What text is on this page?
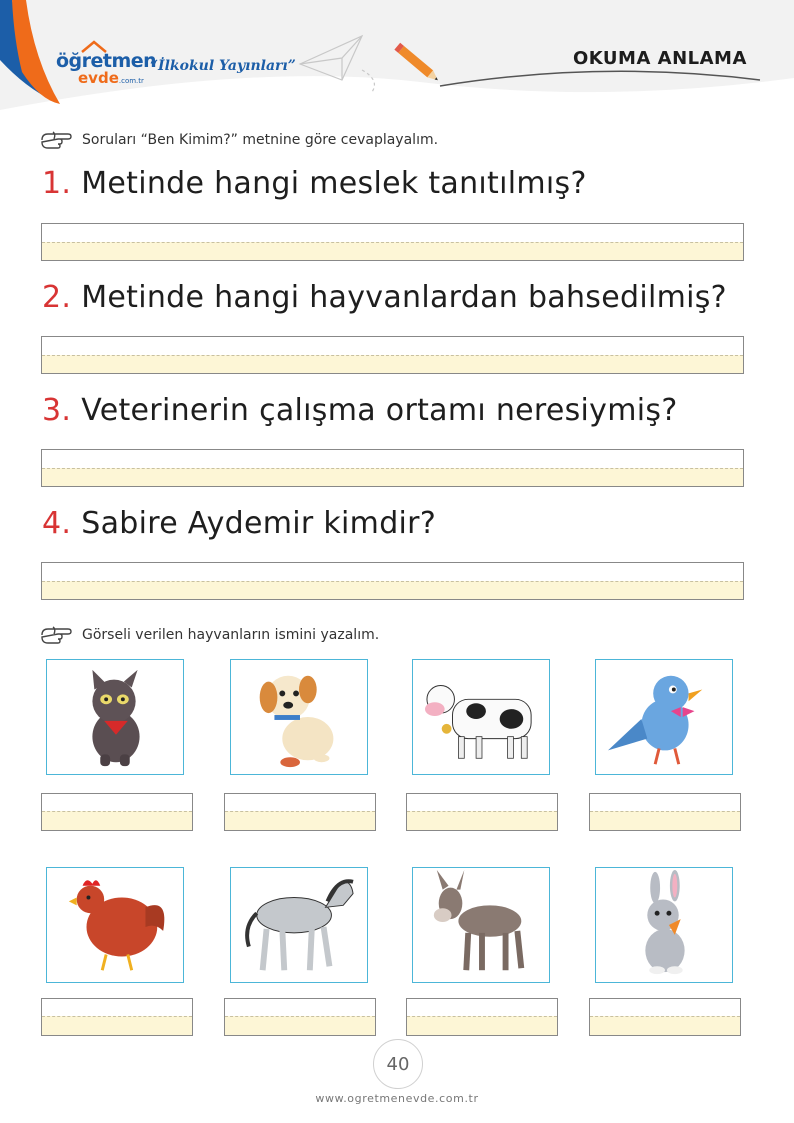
öğretmen
evde.com.tr
“İlkokul Yayınları”	OKUMA ANLAMA
Soruları “Ben Kimim?” metnine göre cevaplayalım.
1. Metinde hangi meslek tanıtılmış?
2. Metinde hangi hayvanlardan bahsedilmiş?
3. Veterinerin çalışma ortamı neresiymiş?
4. Sabire Aydemir kimdir?
Görseli verilen hayvanların ismini yazalım.
40
www.ogretmenevde.com.tr
